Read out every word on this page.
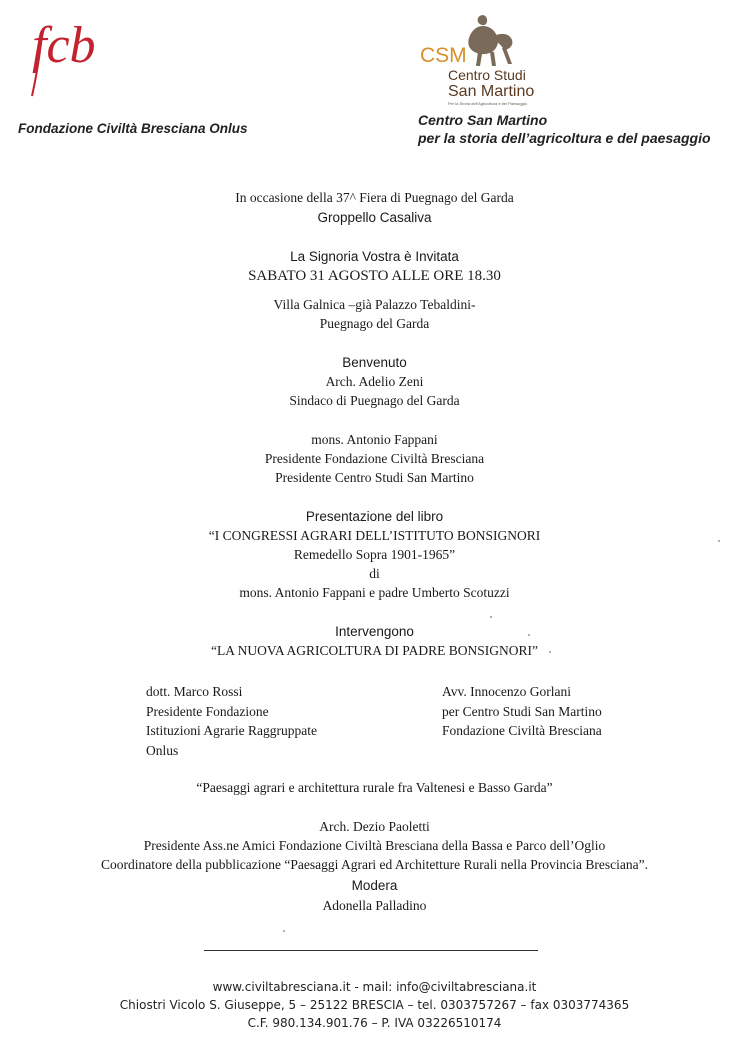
fcb
Fondazione Civiltà Bresciana Onlus
CSM
Centro Studi
San Martino
Per la Storia dell'Agricoltura e del Paesaggio
Centro San Martino
per la storia dell’agricoltura e del paesaggio
In occasione della 37^ Fiera di Puegnago del Garda
Groppello Casaliva
La Signoria Vostra è Invitata
SABATO 31 AGOSTO ALLE ORE 18.30
Villa Galnica –già Palazzo Tebaldini-
Puegnago del Garda
Benvenuto
Arch. Adelio Zeni
Sindaco di Puegnago del Garda
mons. Antonio Fappani
Presidente Fondazione Civiltà Bresciana
Presidente Centro Studi San Martino
Presentazione del libro
“I CONGRESSI AGRARI DELL’ISTITUTO BONSIGNORI
Remedello Sopra 1901-1965”
di
mons. Antonio Fappani e padre Umberto Scotuzzi
Intervengono
“LA NUOVA AGRICOLTURA DI PADRE BONSIGNORI”
dott. Marco Rossi
Presidente Fondazione
Istituzioni Agrarie Raggruppate
Onlus
Avv. Innocenzo Gorlani
per Centro Studi San Martino
Fondazione Civiltà Bresciana
“Paesaggi agrari e architettura rurale fra Valtenesi e Basso Garda”
Arch. Dezio Paoletti
Presidente Ass.ne Amici Fondazione Civiltà Bresciana della Bassa e Parco dell’Oglio
Coordinatore della pubblicazione “Paesaggi Agrari ed Architetture Rurali nella Provincia Bresciana”.
Modera
Adonella Palladino
www.civiltabresciana.it - mail: info@civiltabresciana.it
Chiostri Vicolo S. Giuseppe, 5 – 25122 BRESCIA – tel. 0303757267 – fax 0303774365
C.F. 980.134.901.76 – P. IVA 03226510174
